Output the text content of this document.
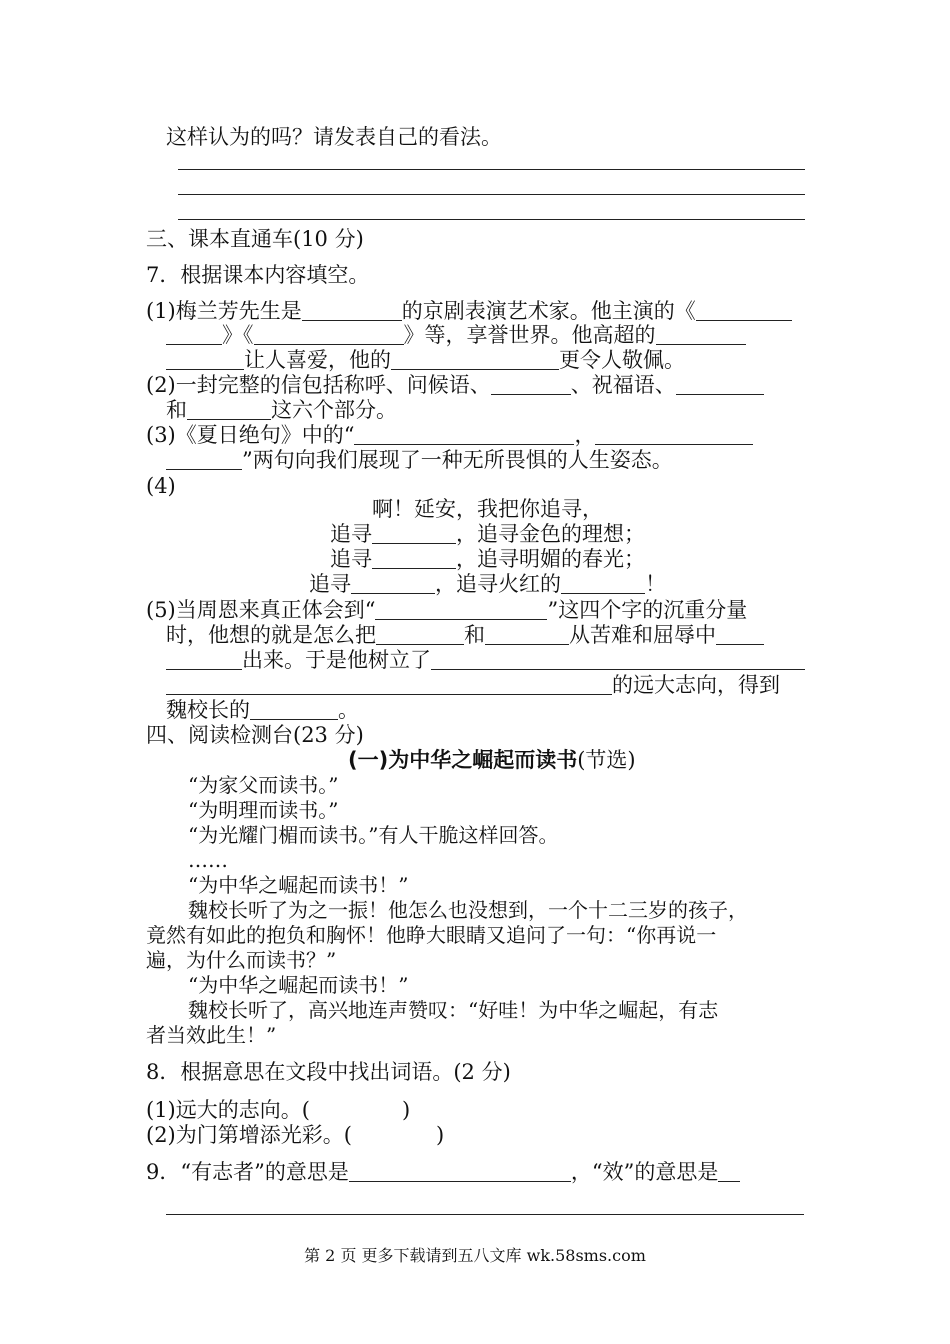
这样认为的吗？请发表自己的看法。
三、课本直通车(10 分)
7．根据课本内容填空。
(1)梅兰芳先生是	的京剧表演艺术家。他主演的《
》《	》等，享誉世界。他高超的
让人喜爱，他的	更令人敬佩。
(2)一封完整的信包括称呼、问候语、	、祝福语、
和	这六个部分。
(3)《夏日绝句》中的“	，
”两句向我们展现了一种无所畏惧的人生姿态。
(4)
啊！延安，我把你追寻，
追寻	，追寻金色的理想；
追寻	，追寻明媚的春光；
追寻	，追寻火红的	！
(5)当周恩来真正体会到“	”这四个字的沉重分量
时，他想的就是怎么把	和	从苦难和屈辱中
出来。于是他树立了
的远大志向，得到
魏校长的	。
四、阅读检测台(23 分)
(一)为中华之崛起而读书(节选)
“为家父而读书。”
“为明理而读书。”
“为光耀门楣而读书。”有人干脆这样回答。
……
“为中华之崛起而读书！”
魏校长听了为之一振！他怎么也没想到，一个十二三岁的孩子，
竟然有如此的抱负和胸怀！他睁大眼睛又追问了一句：“你再说一
遍，为什么而读书？”
“为中华之崛起而读书！”
魏校长听了，高兴地连声赞叹：“好哇！为中华之崛起，有志
者当效此生！”
8．根据意思在文段中找出词语。(2 分)
(1)远大的志向。(	)
(2)为门第增添光彩。(	)
9．“有志者”的意思是	，“效”的意思是
第 2 页 更多下载请到五八文库 wk.58sms.com
